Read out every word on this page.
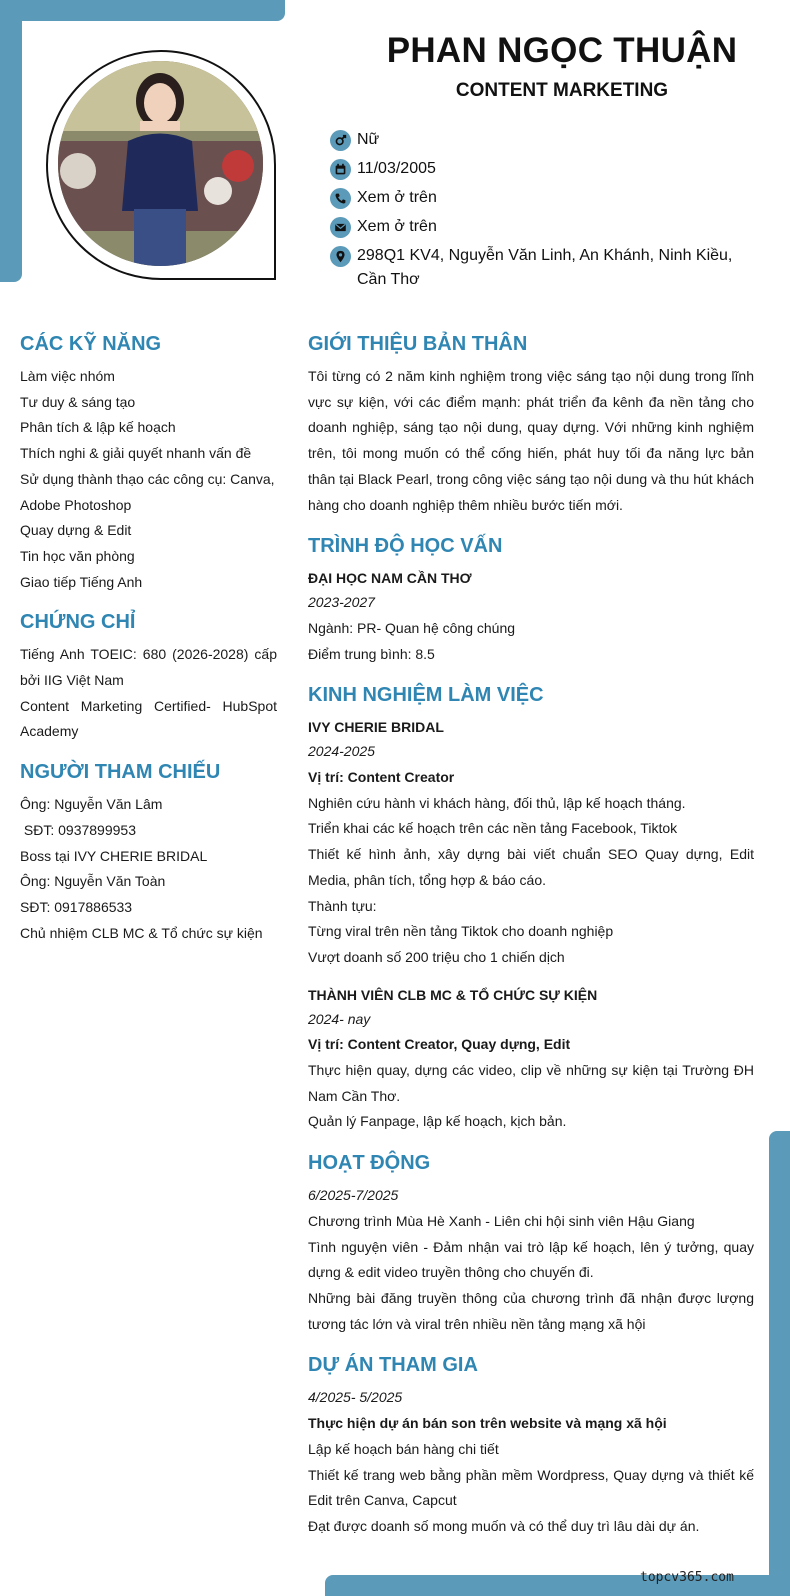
PHAN NGỌC THUẬN
CONTENT MARKETING
Nữ
11/03/2005
Xem ở trên
Xem ở trên
298Q1 KV4, Nguyễn Văn Linh, An Khánh, Ninh Kiều, Cần Thơ
CÁC KỸ NĂNG
Làm việc nhóm
Tư duy & sáng tạo
Phân tích & lập kế hoạch
Thích nghi & giải quyết nhanh vấn đề
Sử dụng thành thạo các công cụ: Canva, Adobe Photoshop
Quay dựng & Edit
Tin học văn phòng
Giao tiếp Tiếng Anh
CHỨNG CHỈ
Tiếng Anh TOEIC: 680 (2026-2028) cấp bởi IIG Việt Nam
Content Marketing Certified- HubSpot Academy
NGƯỜI THAM CHIẾU
Ông: Nguyễn Văn Lâm
SĐT: 0937899953
Boss tại IVY CHERIE BRIDAL
Ông: Nguyễn Văn Toàn
SĐT: 0917886533
Chủ nhiệm CLB MC & Tổ chức sự kiện
GIỚI THIỆU BẢN THÂN
Tôi từng có 2 năm kinh nghiệm trong việc sáng tạo nội dung trong lĩnh vực sự kiện, với các điểm mạnh: phát triển đa kênh đa nền tảng cho doanh nghiệp, sáng tạo nội dung, quay dựng. Với những kinh nghiệm trên, tôi mong muốn có thể cống hiến, phát huy tối đa năng lực bản thân tại Black Pearl, trong công việc sáng tạo nội dung và thu hút khách hàng cho doanh nghiệp thêm nhiều bước tiến mới.
TRÌNH ĐỘ HỌC VẤN
ĐẠI HỌC NAM CẦN THƠ
2023-2027
Ngành: PR- Quan hệ công chúng
Điểm trung bình: 8.5
KINH NGHIỆM LÀM VIỆC
IVY CHERIE BRIDAL
2024-2025
Vị trí: Content Creator
Nghiên cứu hành vi khách hàng, đối thủ, lập kế hoạch tháng.
Triển khai các kế hoạch trên các nền tảng Facebook, Tiktok
Thiết kế hình ảnh, xây dựng bài viết chuẩn SEO Quay dựng, Edit Media, phân tích, tổng hợp & báo cáo.
Thành tựu:
Từng viral trên nền tảng Tiktok cho doanh nghiệp
Vượt doanh số 200 triệu cho 1 chiến dịch
THÀNH VIÊN CLB MC & TỔ CHỨC SỰ KIỆN
2024- nay
Vị trí: Content Creator, Quay dựng, Edit
Thực hiện quay, dựng các video, clip về những sự kiện tại Trường ĐH Nam Cần Thơ.
Quản lý Fanpage, lập kế hoạch, kịch bản.
HOẠT ĐỘNG
6/2025-7/2025
Chương trình Mùa Hè Xanh - Liên chi hội sinh viên Hậu Giang
Tình nguyện viên - Đảm nhận vai trò lập kế hoạch, lên ý tưởng, quay dựng & edit video truyền thông cho chuyến đi.
Những bài đăng truyền thông của chương trình đã nhận được lượng tương tác lớn và viral trên nhiều nền tảng mạng xã hội
DỰ ÁN THAM GIA
4/2025- 5/2025
Thực hiện dự án bán son trên website và mạng xã hội
Lập kế hoạch bán hàng chi tiết
Thiết kế trang web bằng phần mềm Wordpress, Quay dựng và thiết kế Edit trên Canva, Capcut
Đạt được doanh số mong muốn và có thể duy trì lâu dài dự án.
topcv365.com
